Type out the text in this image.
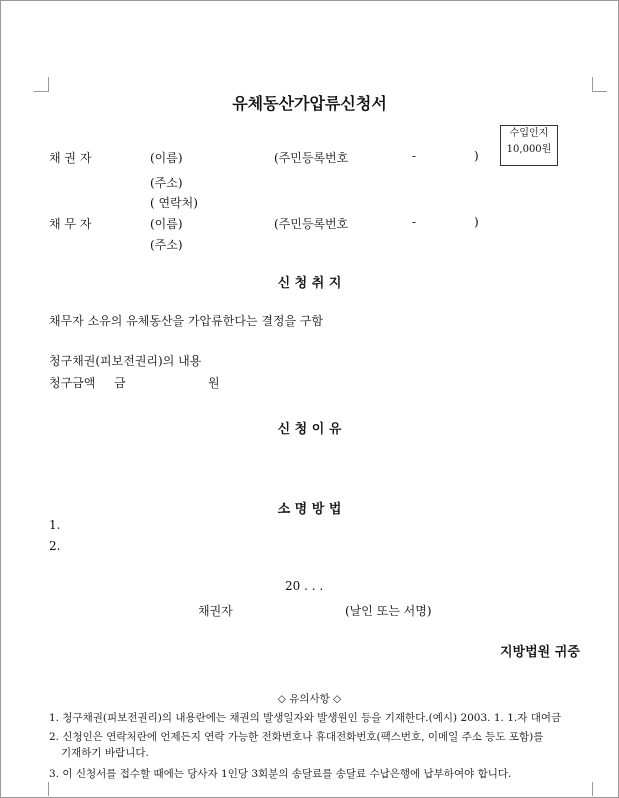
유체동산가압류신청서
수입인지
10,000원
채 권 자	(이름)	(주민등록번호	-	)
(주소)
( 연락처)
채 무 자	(이름)	(주민등록번호	-	)
(주소)
신 청 취 지
채무자 소유의 유체동산을 가압류한다는 결정을 구함
청구채권(피보전권리)의 내용
청구금액 금	원
신 청 이 유
소 명 방 법
1.
2.
20 . . .
채권자	(날인 또는 서명)
지방법원 귀중
◇ 유의사항 ◇
1. 청구채권(피보전권리)의 내용란에는 채권의 발생일자와 발생원인 등을 기재한다.(예시) 2003. 1. 1.자 대여금
2. 신청인은 연락처란에 언제든지 연락 가능한 전화번호나 휴대전화번호(팩스번호, 이메일 주소 등도 포함)를
기재하기 바랍니다.
3. 이 신청서를 접수할 때에는 당사자 1인당 3회분의 송달료를 송달료 수납은행에 납부하여야 합니다.
